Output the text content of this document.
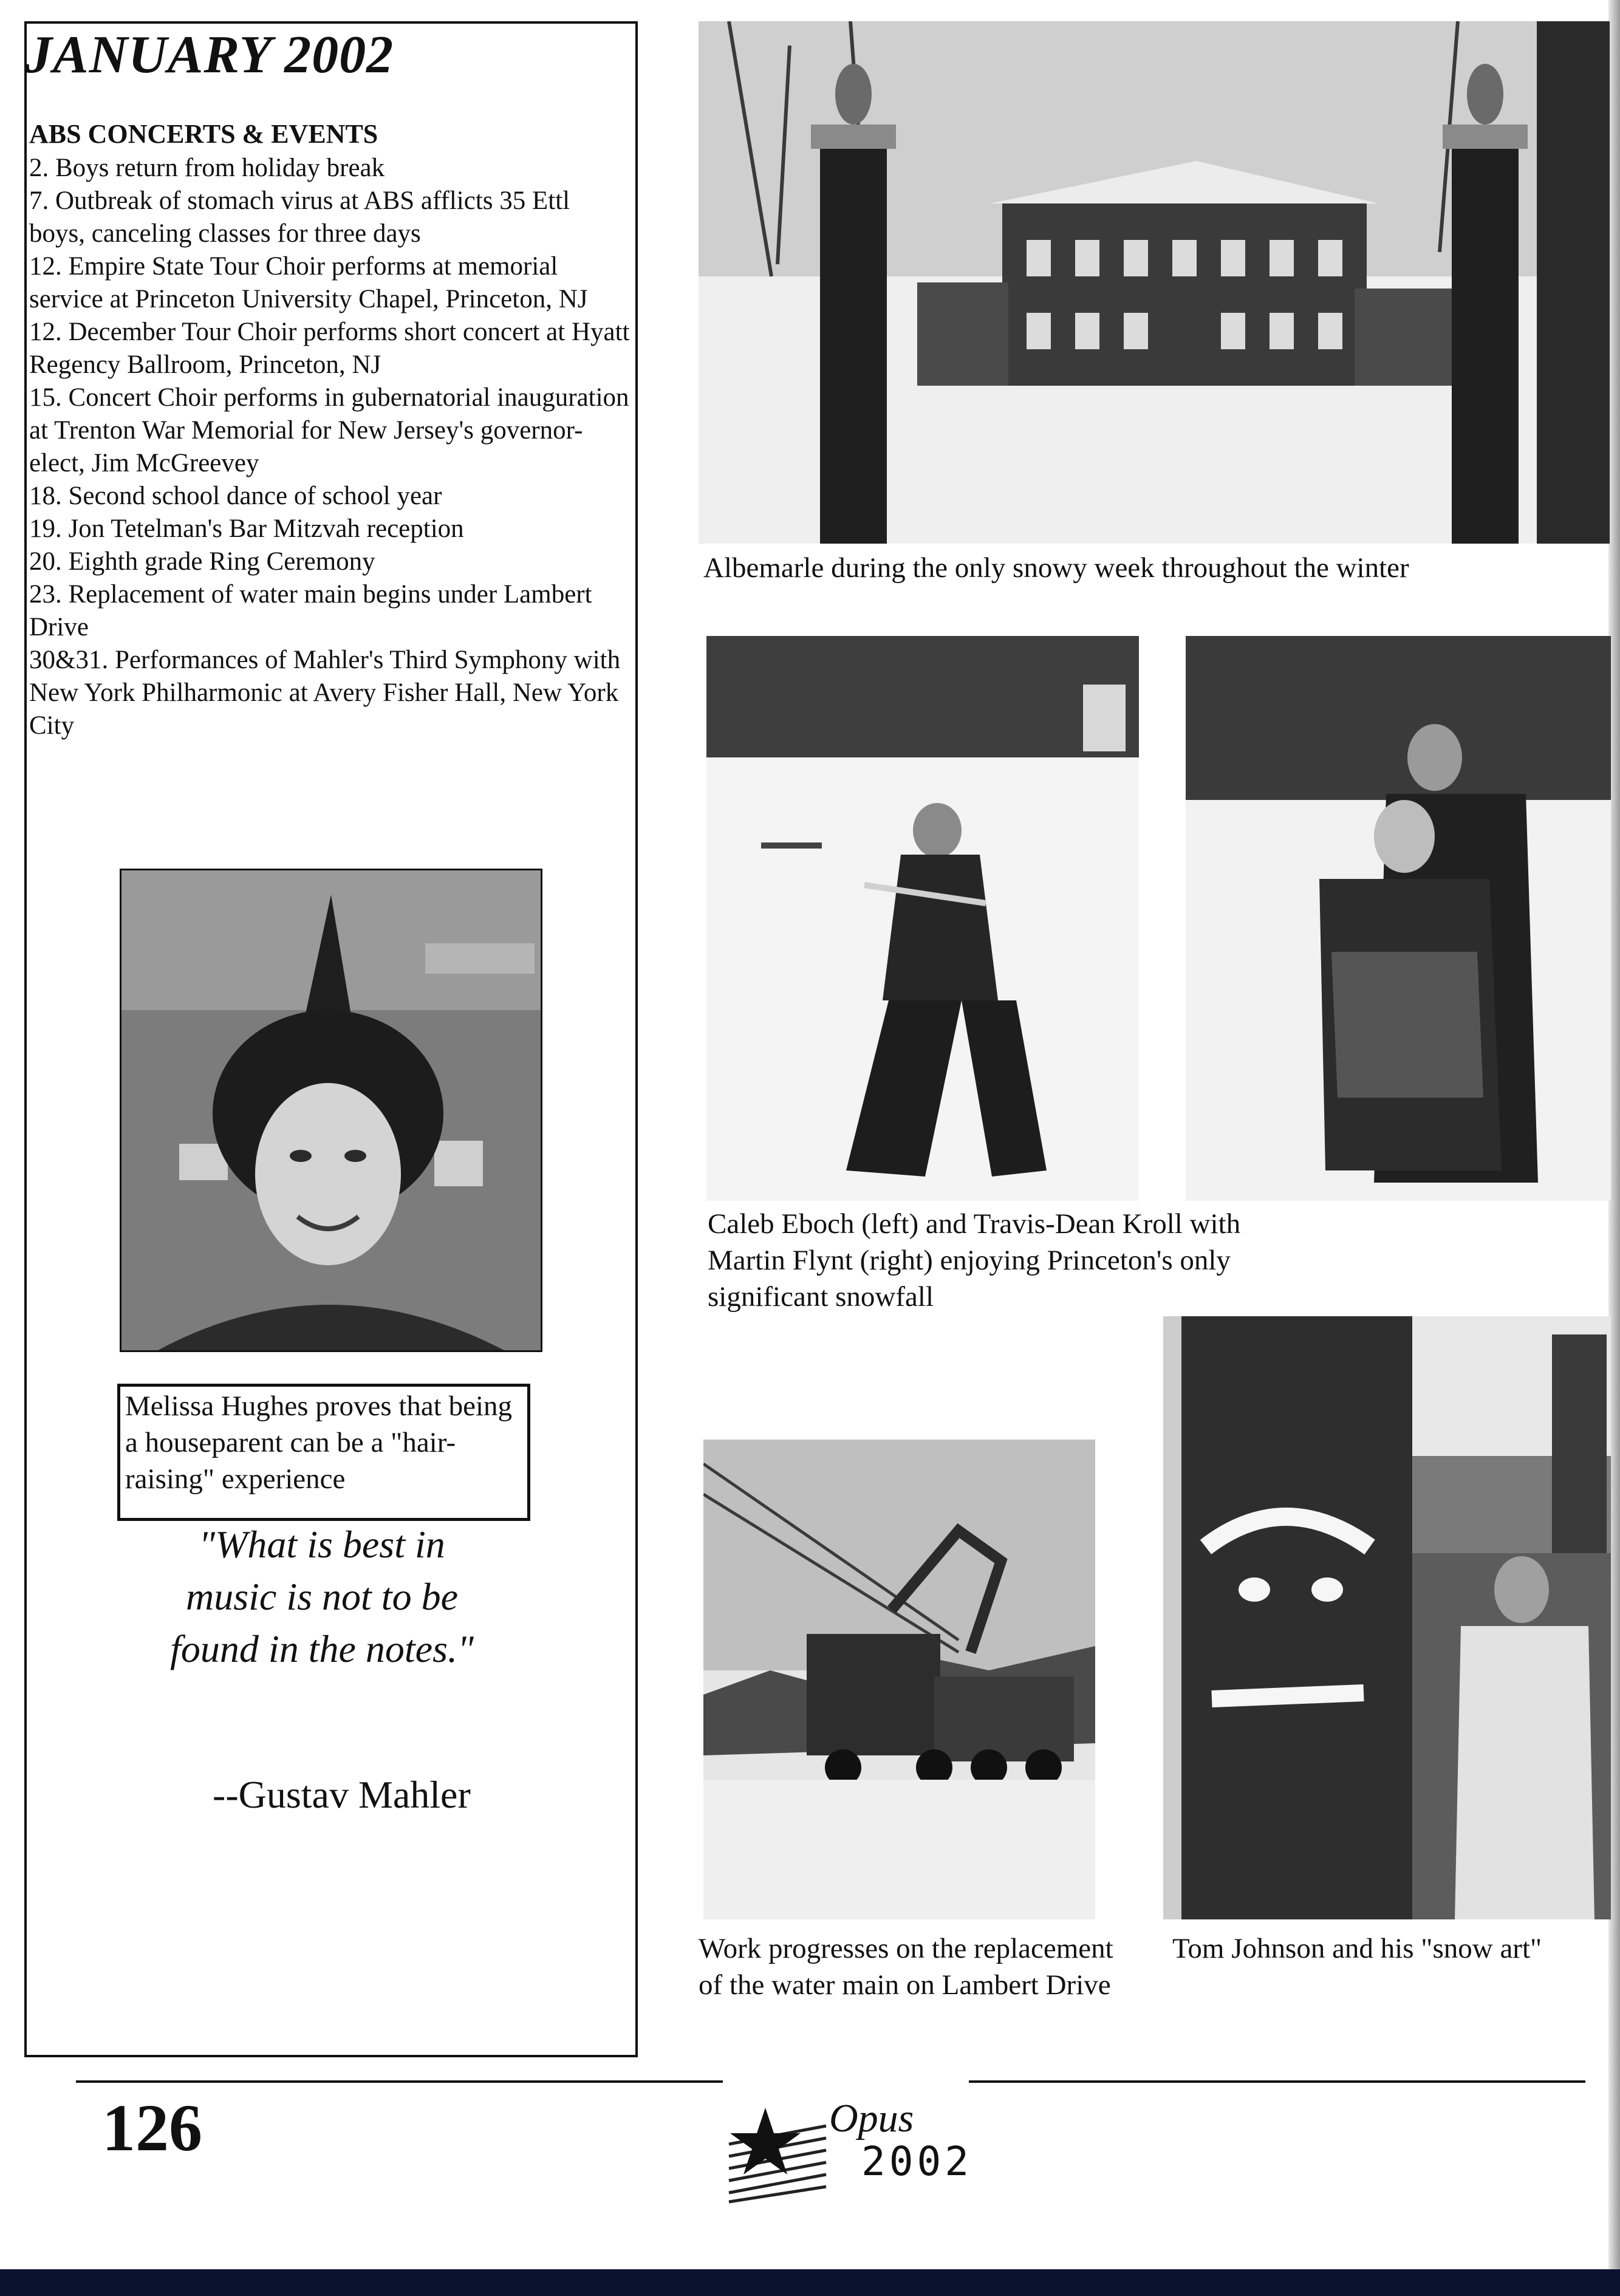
JANUARY 2002
ABS CONCERTS & EVENTS
2. Boys return from holiday break
7. Outbreak of stomach virus at ABS afflicts 35 Ettl boys, canceling classes for three days
12. Empire State Tour Choir performs at memorial service at Princeton University Chapel, Princeton, NJ
12. December Tour Choir performs short concert at Hyatt Regency Ballroom, Princeton, NJ
15. Concert Choir performs in gubernatorial inauguration at Trenton War Memorial for New Jersey's governor-elect, Jim McGreevey
18. Second school dance of school year
19. Jon Tetelman's Bar Mitzvah reception
20. Eighth grade Ring Ceremony
23. Replacement of water main begins under Lambert Drive
30&31. Performances of Mahler's Third Symphony with New York Philharmonic at Avery Fisher Hall, New York City
Melissa Hughes proves that being a houseparent can be a "hair-raising" experience

"What is best in music is not to be found in the notes."

--Gustav Mahler

Albemarle during the only snowy week throughout the winter

Caleb Eboch (left) and Travis-Dean Kroll with Martin Flynt (right) enjoying Princeton's only significant snowfall

Work progresses on the replacement of the water main on Lambert Drive

Tom Johnson and his "snow art"

126	Opus

2002
